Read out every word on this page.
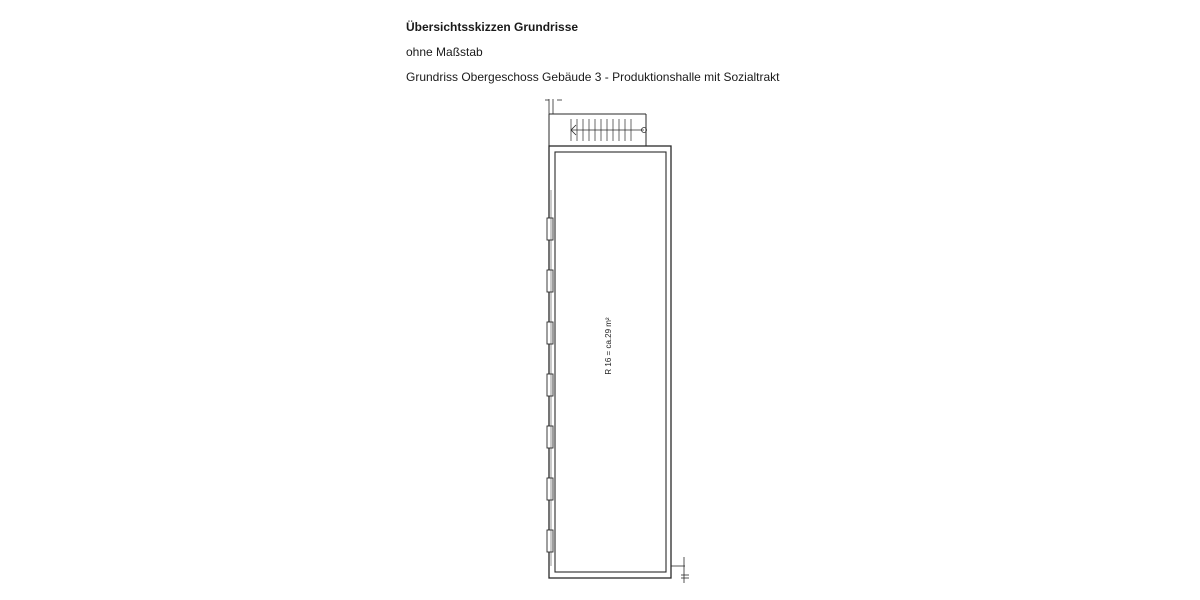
Übersichtsskizzen Grundrisse
ohne Maßstab
Grundriss Obergeschoss Gebäude 3 - Produktionshalle mit Sozialtrakt
R 16 = ca.29 m²
